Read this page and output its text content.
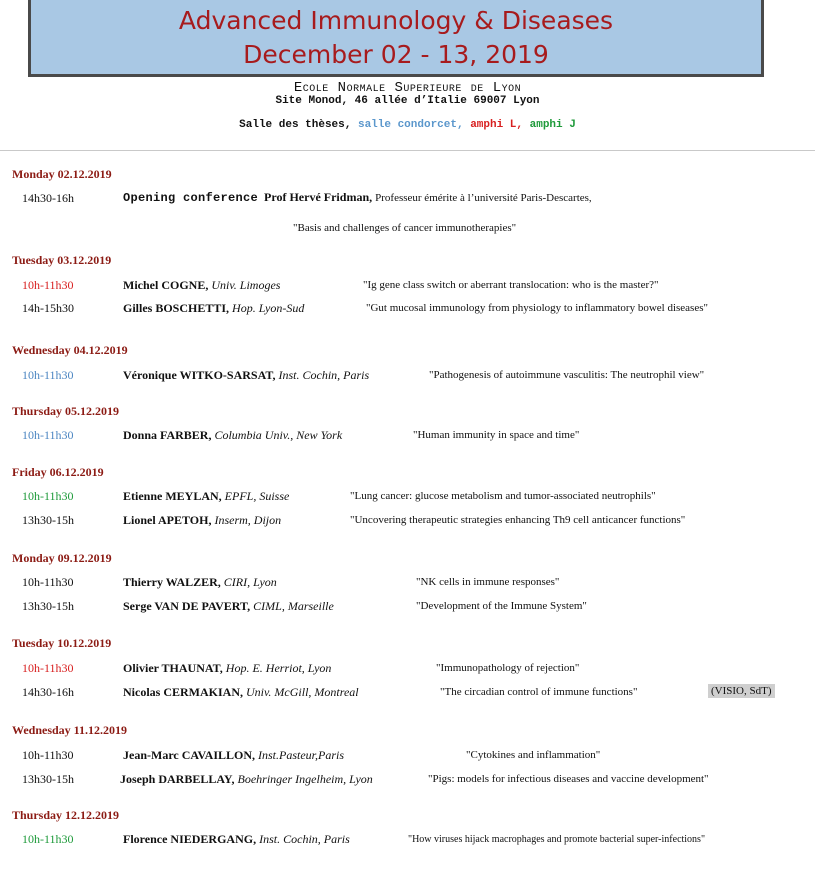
Advanced Immunology & Diseases
December 02 - 13, 2019
Ecole Normale Superieure de Lyon
Site Monod, 46 allée d’Italie 69007 Lyon
Salle des thèses, salle condorcet, amphi L, amphi J
Monday 02.12.2019
14h30-16h	Opening conference Prof Hervé Fridman, Professeur émérite à l’université Paris-Descartes,
"Basis and challenges of cancer immunotherapies"
Tuesday 03.12.2019
10h-11h30	Michel COGNE, Univ. Limoges	"Ig gene class switch or aberrant translocation: who is the master?"
14h-15h30	Gilles BOSCHETTI, Hop. Lyon-Sud	"Gut mucosal immunology from physiology to inflammatory bowel diseases"
Wednesday 04.12.2019
10h-11h30	Véronique WITKO-SARSAT, Inst. Cochin, Paris	"Pathogenesis of autoimmune vasculitis: The neutrophil view"
Thursday 05.12.2019
10h-11h30	Donna FARBER, Columbia Univ., New York	"Human immunity in space and time"
Friday 06.12.2019
10h-11h30	Etienne MEYLAN, EPFL, Suisse	"Lung cancer: glucose metabolism and tumor-associated neutrophils"
13h30-15h	Lionel APETOH, Inserm, Dijon	"Uncovering therapeutic strategies enhancing Th9 cell anticancer functions"
Monday 09.12.2019
10h-11h30	Thierry WALZER, CIRI, Lyon	"NK cells in immune responses"
13h30-15h	Serge VAN DE PAVERT, CIML, Marseille	"Development of the Immune System"
Tuesday 10.12.2019
10h-11h30	Olivier THAUNAT, Hop. E. Herriot, Lyon	"Immunopathology of rejection"
14h30-16h	Nicolas CERMAKIAN, Univ. McGill, Montreal	"The circadian control of immune functions"	(VISIO, SdT)
Wednesday 11.12.2019
10h-11h30	Jean-Marc CAVAILLON, Inst.Pasteur,Paris	"Cytokines and inflammation"
13h30-15h	Joseph DARBELLAY, Boehringer Ingelheim, Lyon	"Pigs: models for infectious diseases and vaccine development"
Thursday 12.12.2019
10h-11h30	Florence NIEDERGANG, Inst. Cochin, Paris	"How viruses hijack macrophages and promote bacterial super-infections"
